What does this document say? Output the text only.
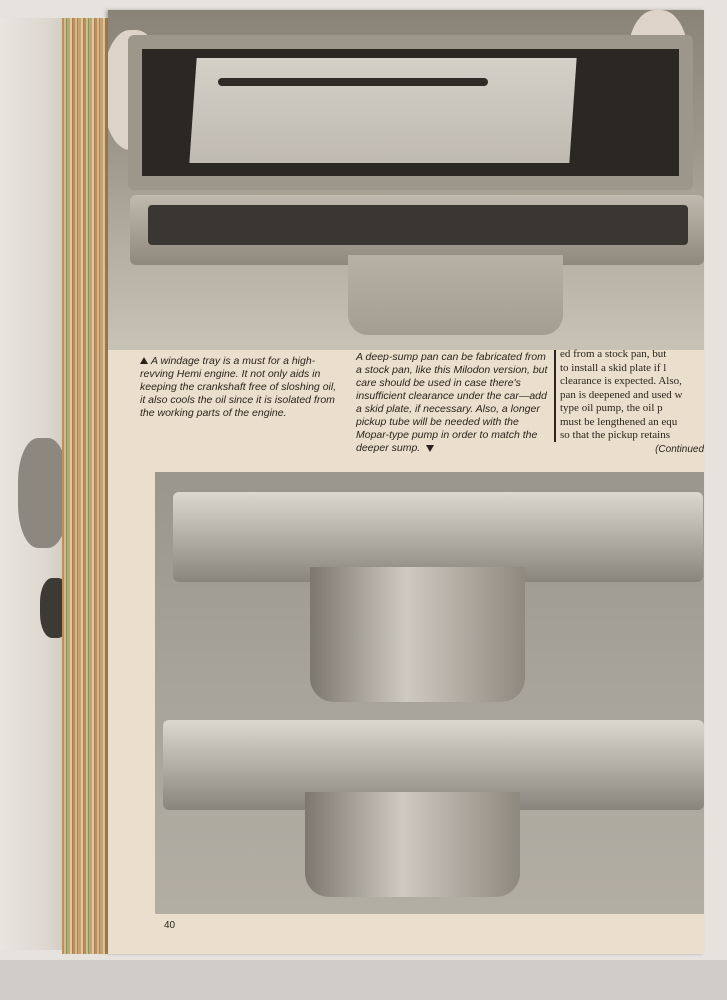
A windage tray is a must for a high-revving Hemi engine. It not only aids in keeping the crankshaft free of sloshing oil, it also cools the oil since it is isolated from the working parts of the engine.
A deep-sump pan can be fabricated from a stock pan, like this Milodon version, but care should be used in case there's insufficient clearance under the car—add a skid plate, if necessary. Also, a longer pickup tube will be needed with the Mopar-type pump in order to match the deeper sump.
ed from a stock pan, but
to install a skid plate if l
clearance is expected. Also,
pan is deepened and used w
type oil pump, the oil p
must be lengthened an equ
so that the pickup retains
(Continued
40
